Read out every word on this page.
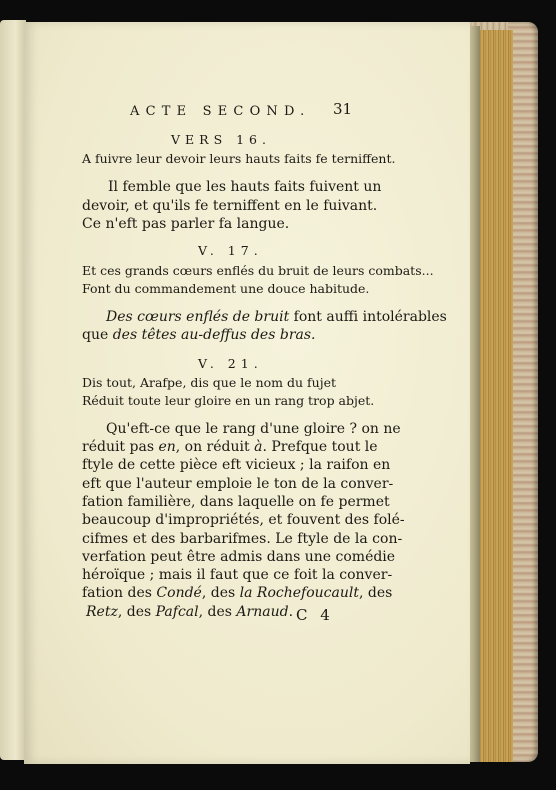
ACTE SECOND. 31
VERS 16.
A fuivre leur devoir leurs hauts faits fe terniffent.
Il femble que les hauts faits fuivent un
devoir, et qu'ils fe terniffent en le fuivant.
Ce n'eft pas parler fa langue.
V. 17.
Et ces grands cœurs enflés du bruit de leurs combats...
Font du commandement une douce habitude.
Des cœurs enflés de bruit font auffi intolérables
que des têtes au-deffus des bras.
V. 21.
Dis tout, Arafpe, dis que le nom du fujet
Réduit toute leur gloire en un rang trop abjet.
Qu'eft-ce que le rang d'une gloire ? on ne
réduit pas en, on réduit à. Prefque tout le
ftyle de cette pièce eft vicieux ; la raifon en
eft que l'auteur emploie le ton de la conver-
fation familière, dans laquelle on fe permet
beaucoup d'impropriétés, et fouvent des folé-
cifmes et des barbarifmes. Le ftyle de la con-
verfation peut être admis dans une comédie
héroïque ; mais il faut que ce foit la conver-
fation des Condé, des la Rochefoucault, des
Retz, des Pafcal, des Arnaud. C 4
